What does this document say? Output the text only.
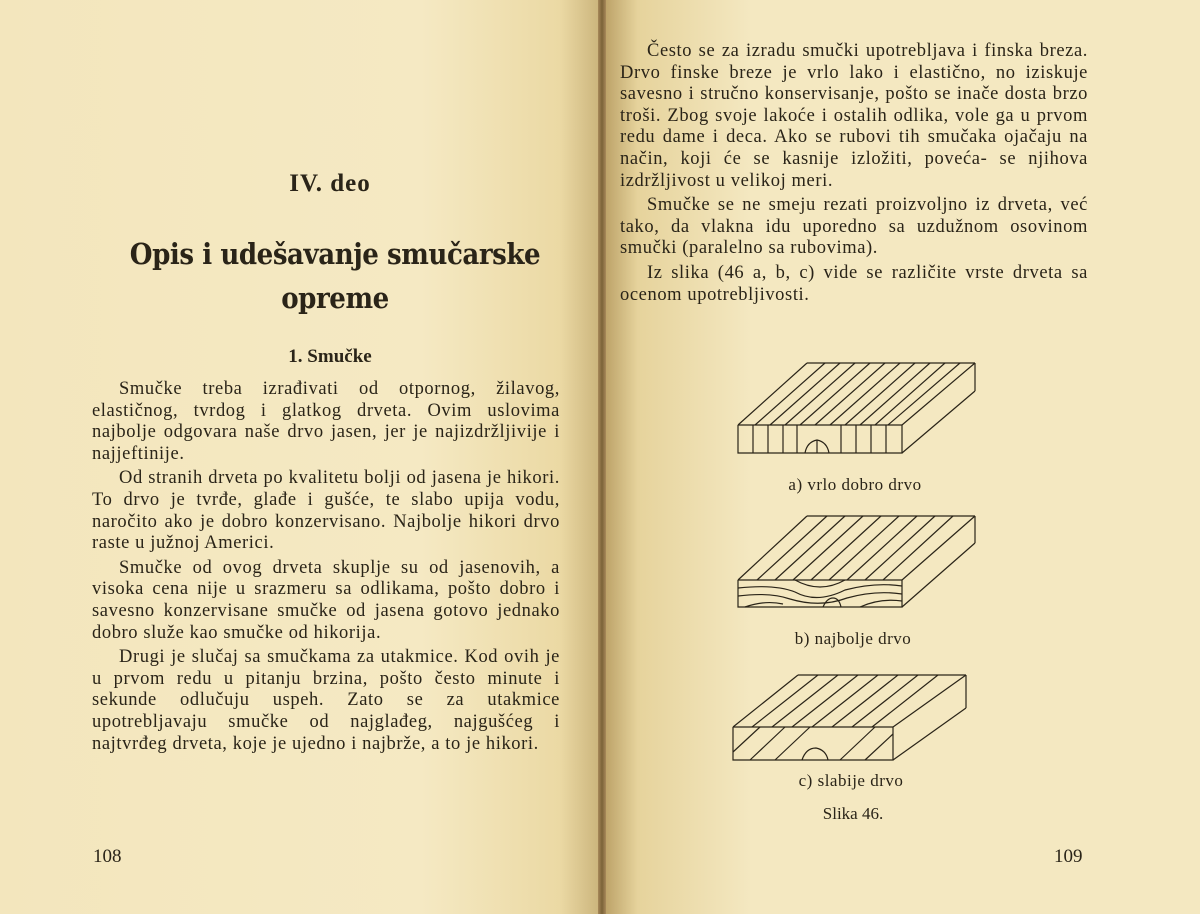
IV. deo
Opis i udešavanje smučarske
opreme
1. Smučke

Smučke treba izrađivati od otpornog, žilavog, elastičnog, tvrdog i glatkog drveta. Ovim uslovima najbolje odgovara naše drvo jasen, jer je najizdržljivije i najjeftinije.

Od stranih drveta po kvalitetu bolji od jasena je hikori. To drvo je tvrđe, glađe i gušće, te slabo upija vodu, naročito ako je dobro konzervisano. Najbolje hikori drvo raste u južnoj Americi.

Smučke od ovog drveta skuplje su od jasenovih, a visoka cena nije u srazmeru sa odlikama, pošto dobro i savesno konzervisane smučke od jasena gotovo jednako dobro služe kao smučke od hikorija.

Drugi je slučaj sa smučkama za utakmice. Kod ovih je u prvom redu u pitanju brzina, pošto često minute i sekunde odlučuju uspeh. Zato se za utakmice upotrebljavaju smučke od najglađeg, najgušćeg i najtvrđeg drveta, koje je ujedno i najbrže, a to je hikori.

108

Često se za izradu smučki upotrebljava i finska breza. Drvo finske breze je vrlo lako i elastično, no iziskuje savesno i stručno konservisanje, pošto se inače dosta brzo troši. Zbog svoje lakoće i ostalih odlika, vole ga u prvom redu dame i deca. Ako se rubovi tih smučaka ojačaju na način, koji će se kasnije izložiti, poveća- se njihova izdržljivost u velikoj meri.

Smučke se ne smeju rezati proizvoljno iz drveta, već tako, da vlakna idu uporedno sa uzdužnom osovinom smučki (paralelno sa rubovima).

Iz slika (46 a, b, c) vide se različite vrste drveta sa ocenom upotrebljivosti.

a) vrlo dobro drvo
b) najbolje drvo
c) slabije drvo
Slika 46.
109
